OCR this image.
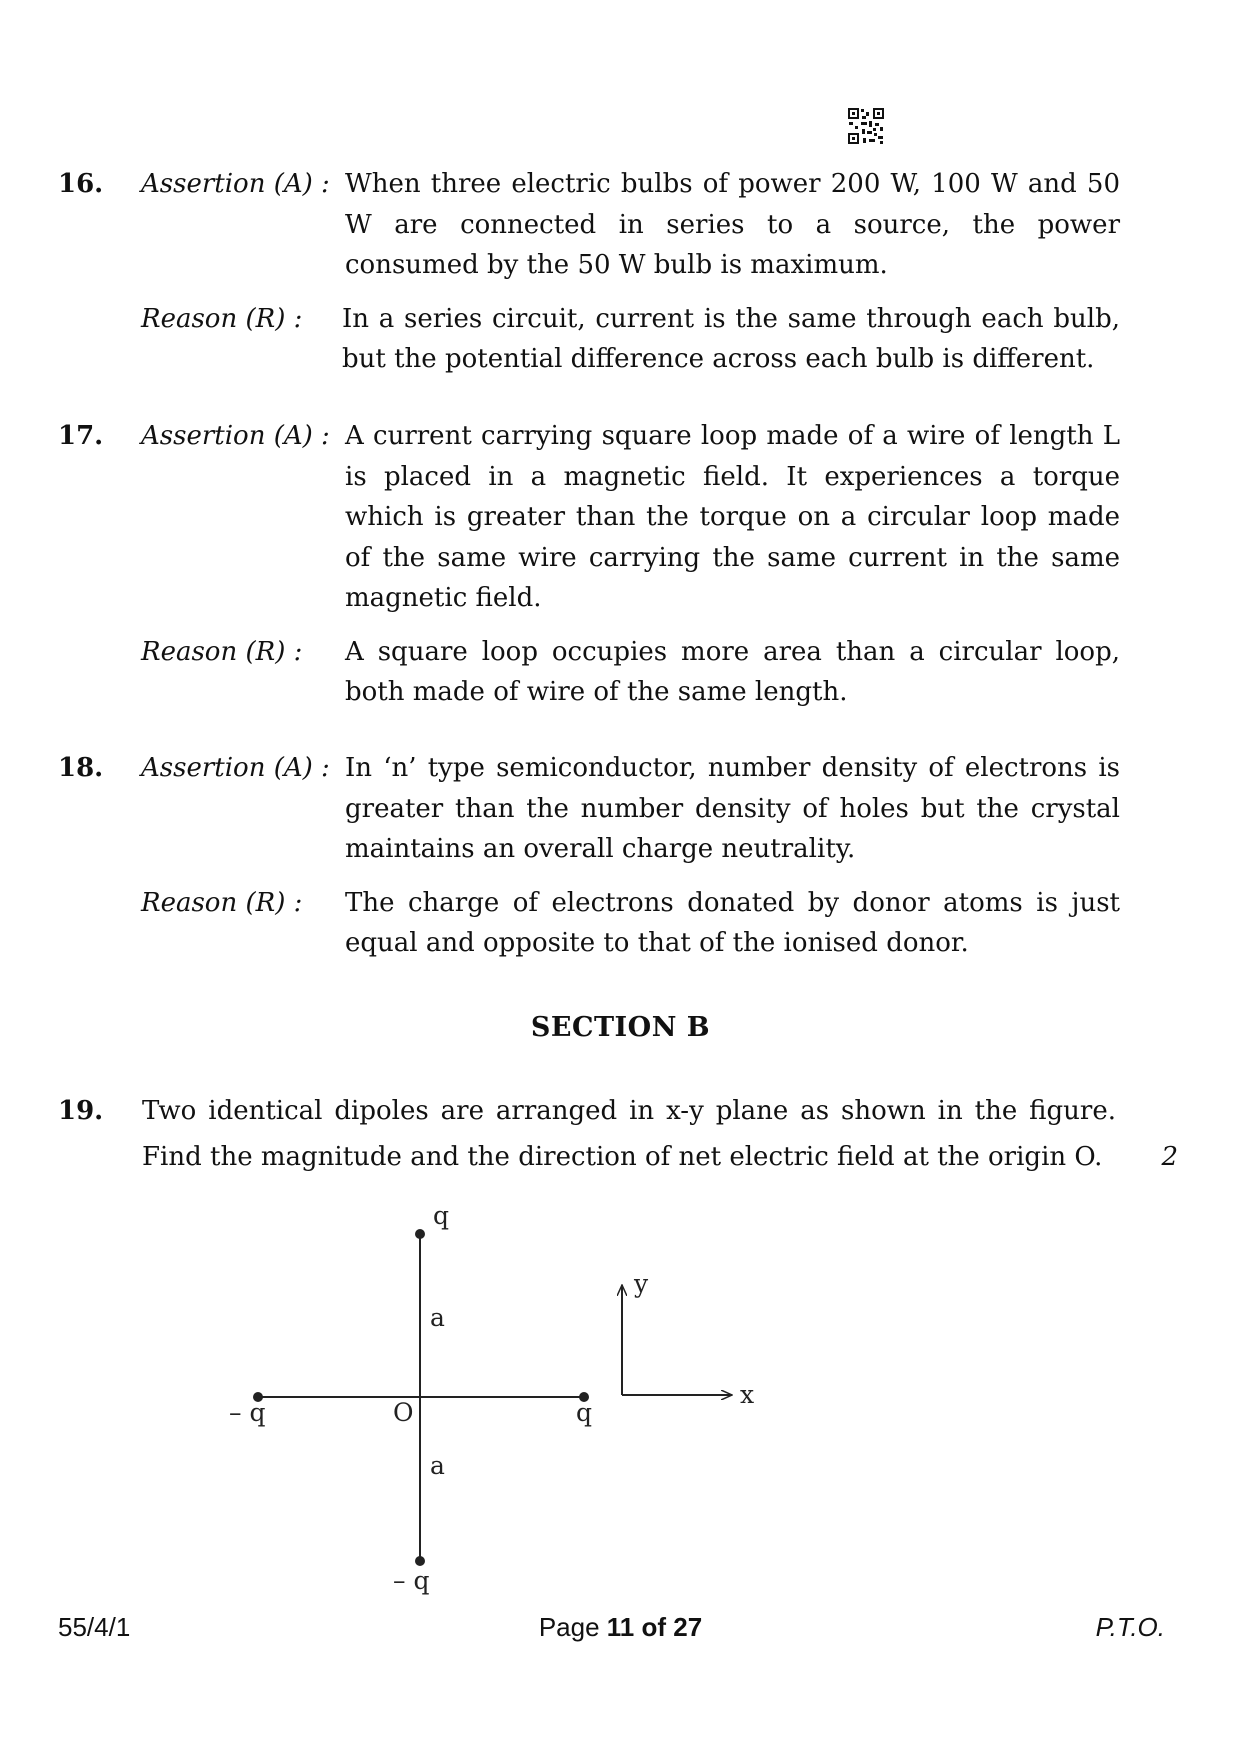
16. Assertion (A) : When three electric bulbs of power 200 W, 100 W and 50 W are connected in series to a source, the power consumed by the 50 W bulb is maximum.
Reason (R) : In a series circuit, current is the same through each bulb, but the potential difference across each bulb is different.
17. Assertion (A) : A current carrying square loop made of a wire of length L is placed in a magnetic field. It experiences a torque which is greater than the torque on a circular loop made of the same wire carrying the same current in the same magnetic field.
Reason (R) : A square loop occupies more area than a circular loop, both made of wire of the same length.
18. Assertion (A) : In ‘n’ type semiconductor, number density of electrons is greater than the number density of holes but the crystal maintains an overall charge neutrality.
Reason (R) : The charge of electrons donated by donor atoms is just equal and opposite to that of the ionised donor.
SECTION B
19. Two identical dipoles are arranged in x-y plane as shown in the figure. Find the magnitude and the direction of net electric field at the origin O.	2
q
– q
– q	q
O
a
a
y
x
55/4/1	Page 11 of 27	P.T.O.
